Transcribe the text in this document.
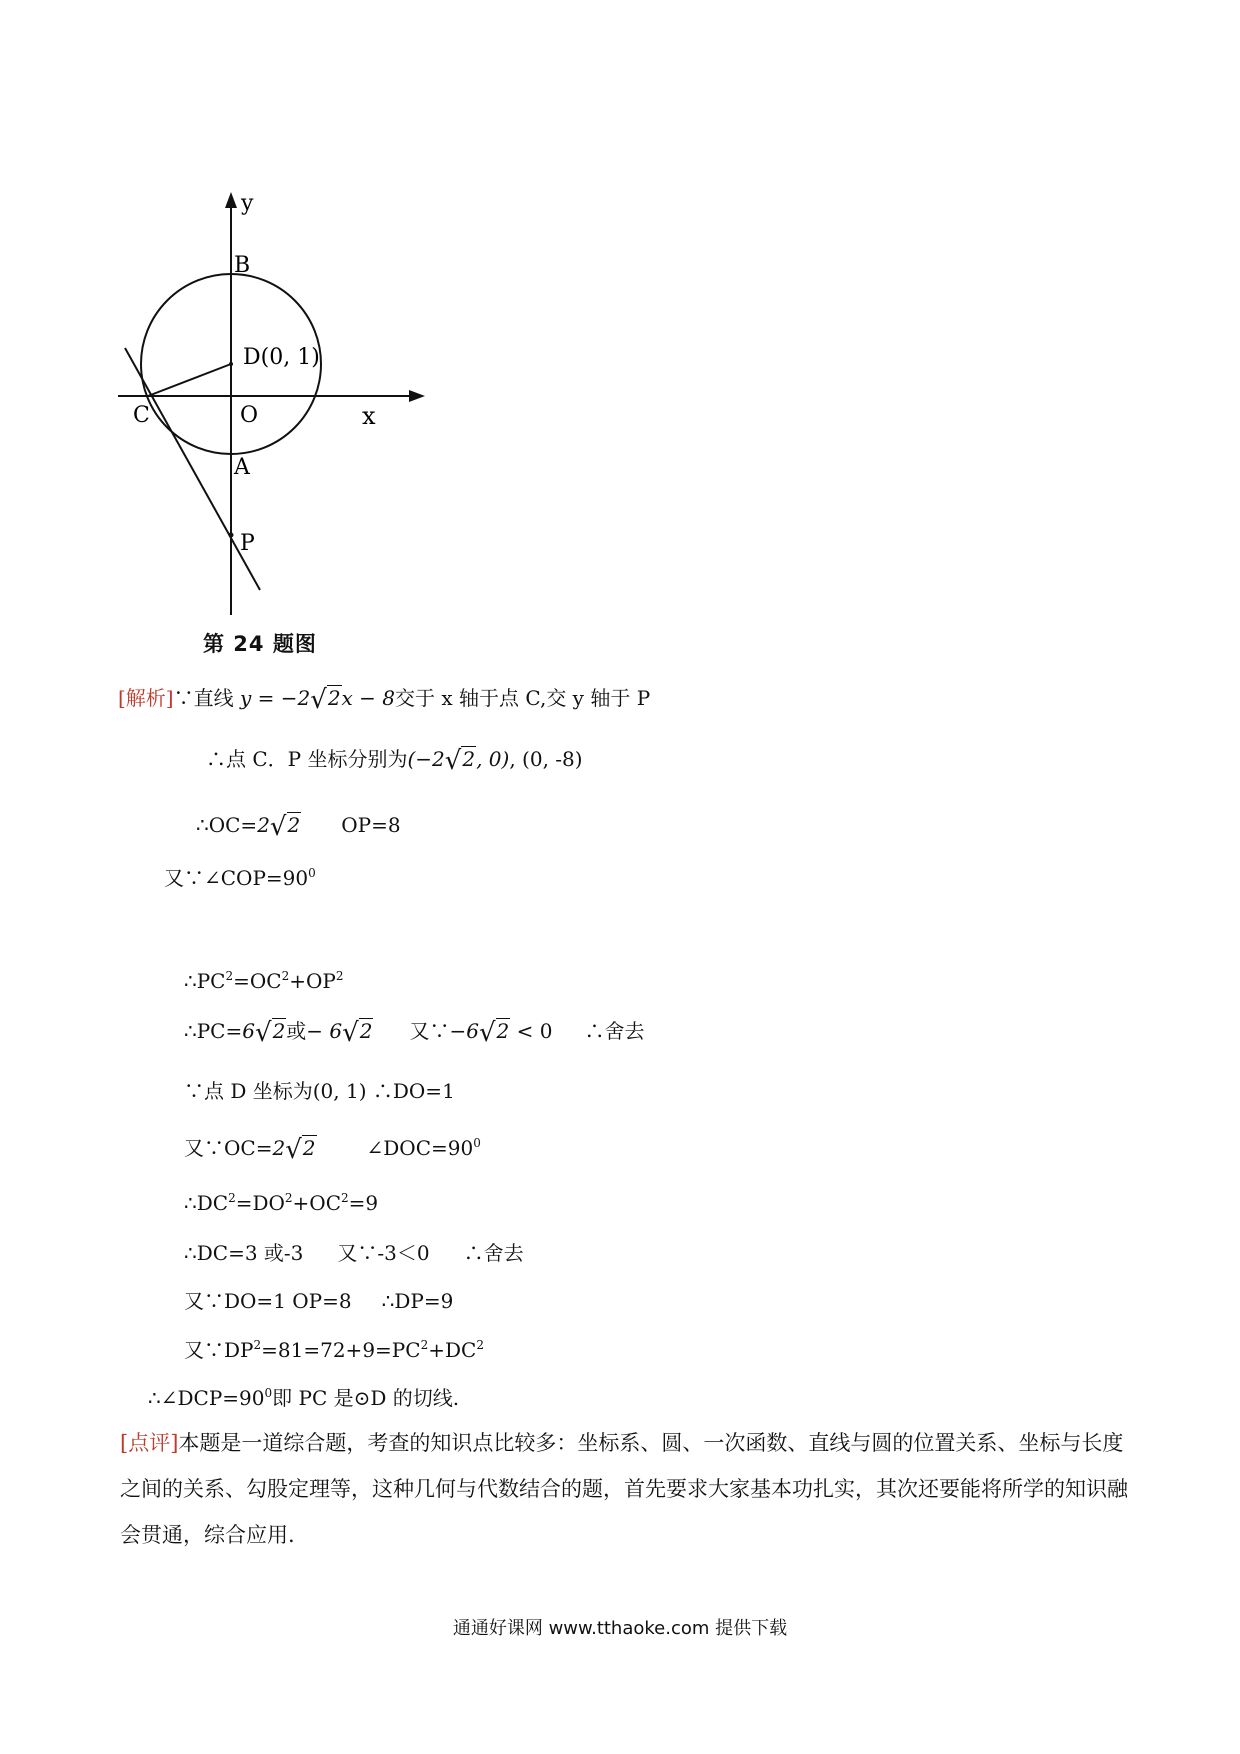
y
x
B
D(0, 1)
C	O
A
P
第 24 题图
[解析]∵直线 y = −2√2x − 8交于 x 轴于点 C,交 y 轴于 P
∴点 C．P 坐标分别为(−2√2, 0), (0, -8)
∴OC=2√2 OP=8
又$\because\angle COP=90^0$
$\therefore PC^2=OC^2+OP^2$
∴PC=6√2或− 6√2 又∵−6√2 < 0 ∴舍去
∵点 D 坐标为(0, 1) ∴DO=1
又∵OC=2√2	$\angle DOC=90^0$
$\therefore DC^2=DO^2+OC^2=9$
∴DC=3 或-3 又∵-3＜0 ∴舍去
又∵DO=1 OP=8 ∴DP=9
又$\because DP^2=81=72+9=PC^2+DC^2$
$\therefore\angle DCP=90^0$即 PC 是⊙D 的切线.
[点评]本题是一道综合题，考查的知识点比较多：坐标系、圆、一次函数、直线与圆的位置关系、坐标与长度之间的关系、勾股定理等，这种几何与代数结合的题，首先要求大家基本功扎实，其次还要能将所学的知识融会贯通，综合应用.
通通好课网 www.tthaoke.com 提供下载
